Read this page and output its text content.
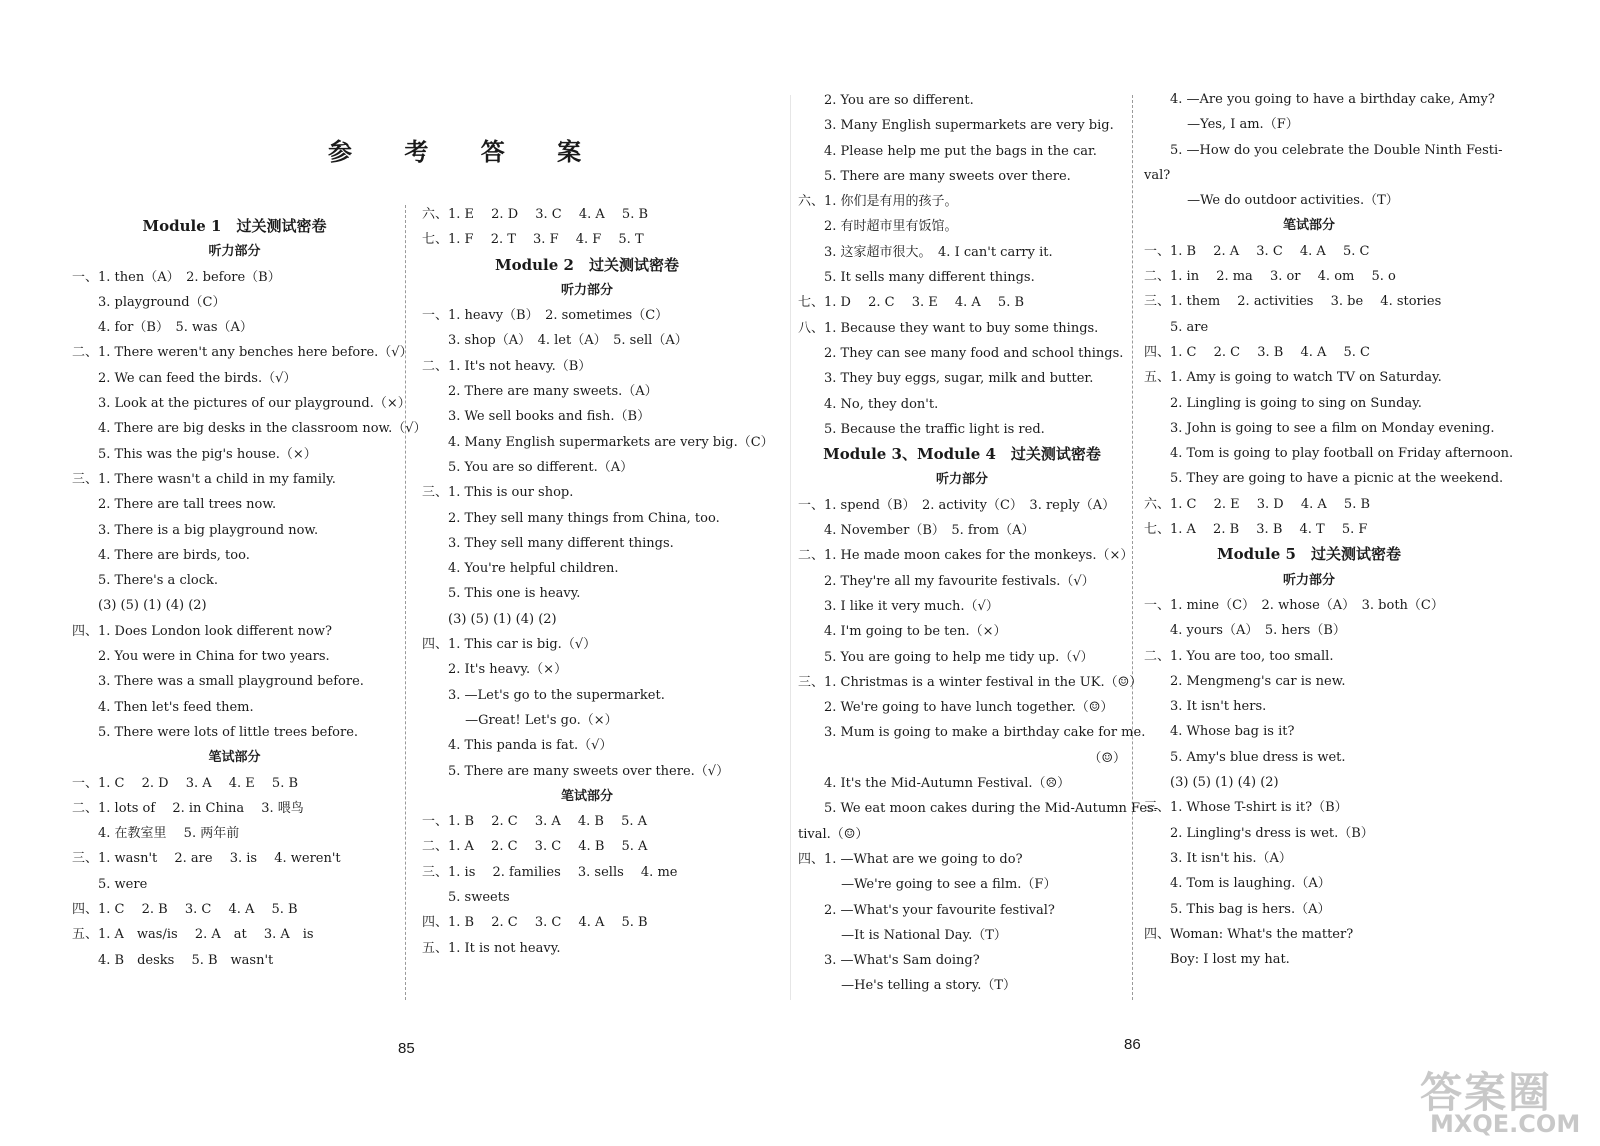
参 考 答 案
Module 1　过关测试密卷
听力部分
一、1. then（A）　2. before（B）
　　3. playground（C）
　　4. for（B）　5. was（A）
二、1. There weren't any benches here before.（√）
　　2. We can feed the birds.（√）
　　3. Look at the pictures of our playground.（×）
　　4. There are big desks in the classroom now.（√）
　　5. This was the pig's house.（×）
三、1. There wasn't a child in my family.
　　2. There are tall trees now.
　　3. There is a big playground now.
　　4. There are birds, too.
　　5. There's a clock.
　　(3) (5) (1) (4) (2)
四、1. Does London look different now?
　　2. You were in China for two years.
　　3. There was a small playground before.
　　4. Then let's feed them.
　　5. There were lots of little trees before.
笔试部分
一、1. C　 2. D　 3. A　 4. E　 5. B
二、1. lots of　 2. in China　 3. 喂鸟
　　4. 在教室里　 5. 两年前
三、1. wasn't　 2. are　 3. is　 4. weren't
　　5. were
四、1. C　 2. B　 3. C　 4. A　 5. B
五、1. A　was/is　 2. A　at　 3. A　is
　　4. B　desks　 5. B　wasn't
六、1. E　 2. D　 3. C　 4. A　 5. B
七、1. F　 2. T　 3. F　 4. F　 5. T
Module 2　过关测试密卷
听力部分
一、1. heavy（B）　2. sometimes（C）
　　3. shop（A）　4. let（A）　5. sell（A）
二、1. It's not heavy.（B）
　　2. There are many sweets.（A）
　　3. We sell books and fish.（B）
　　4. Many English supermarkets are very big.（C）
　　5. You are so different.（A）
三、1. This is our shop.
　　2. They sell many things from China, too.
　　3. They sell many different things.
　　4. You're helpful children.
　　5. This one is heavy.
　　(3) (5) (1) (4) (2)
四、1. This car is big.（√）
　　2. It's heavy.（×）
　　3. —Let's go to the supermarket.
　　　 —Great! Let's go.（×）
　　4. This panda is fat.（√）
　　5. There are many sweets over there.（√）
笔试部分
一、1. B　 2. C　 3. A　 4. B　 5. A
二、1. A　 2. C　 3. C　 4. B　 5. A
三、1. is　 2. families　 3. sells　 4. me
　　5. sweets
四、1. B　 2. C　 3. C　 4. A　 5. B
五、1. It is not heavy.
　　2. You are so different.
　　3. Many English supermarkets are very big.
　　4. Please help me put the bags in the car.
　　5. There are many sweets over there.
六、1. 你们是有用的孩子。
　　2. 有时超市里有饭馆。
　　3. 这家超市很大。　4. I can't carry it.
　　5. It sells many different things.
七、1. D　 2. C　 3. E　 4. A　 5. B
八、1. Because they want to buy some things.
　　2. They can see many food and school things.
　　3. They buy eggs, sugar, milk and butter.
　　4. No, they don't.
　　5. Because the traffic light is red.
Module 3、Module 4　过关测试密卷
听力部分
一、1. spend（B）　2. activity（C）　3. reply（A）
　　4. November（B）　5. from（A）
二、1. He made moon cakes for the monkeys.（×）
　　2. They're all my favourite festivals.（√）
　　3. I like it very much.（√）
　　4. I'm going to be ten.（×）
　　5. You are going to help me tidy up.（√）
三、1. Christmas is a winter festival in the UK.（☺）
　　2. We're going to have lunch together.（☺）
　　3. Mum is going to make a birthday cake for me.
（☺）
　　4. It's the Mid-Autumn Festival.（☹）
　　5. We eat moon cakes during the Mid-Autumn Fes-
tival.（☺）
四、1. —What are we going to do?
　　　 —We're going to see a film.（F）
　　2. —What's your favourite festival?
　　　 —It is National Day.（T）
　　3. —What's Sam doing?
　　　 —He's telling a story.（T）
　　4. —Are you going to have a birthday cake, Amy?
　　　 —Yes, I am.（F）
　　5. —How do you celebrate the Double Ninth Festi-
val?
　　　 —We do outdoor activities.（T）
笔试部分
一、1. B　 2. A　 3. C　 4. A　 5. C
二、1. in　 2. ma　 3. or　 4. om　 5. o
三、1. them　 2. activities　 3. be　 4. stories
　　5. are
四、1. C　 2. C　 3. B　 4. A　 5. C
五、1. Amy is going to watch TV on Saturday.
　　2. Lingling is going to sing on Sunday.
　　3. John is going to see a film on Monday evening.
　　4. Tom is going to play football on Friday afternoon.
　　5. They are going to have a picnic at the weekend.
六、1. C　 2. E　 3. D　 4. A　 5. B
七、1. A　 2. B　 3. B　 4. T　 5. F
Module 5　过关测试密卷
听力部分
一、1. mine（C）　2. whose（A）　3. both（C）
　　4. yours（A）　5. hers（B）
二、1. You are too, too small.
　　2. Mengmeng's car is new.
　　3. It isn't hers.
　　4. Whose bag is it?
　　5. Amy's blue dress is wet.
　　(3) (5) (1) (4) (2)
三、1. Whose T-shirt is it?（B）
　　2. Lingling's dress is wet.（B）
　　3. It isn't his.（A）
　　4. Tom is laughing.（A）
　　5. This bag is hers.（A）
四、Woman: What's the matter?
　　Boy: I lost my hat.
85	86
答案圈
MXQE.COM
